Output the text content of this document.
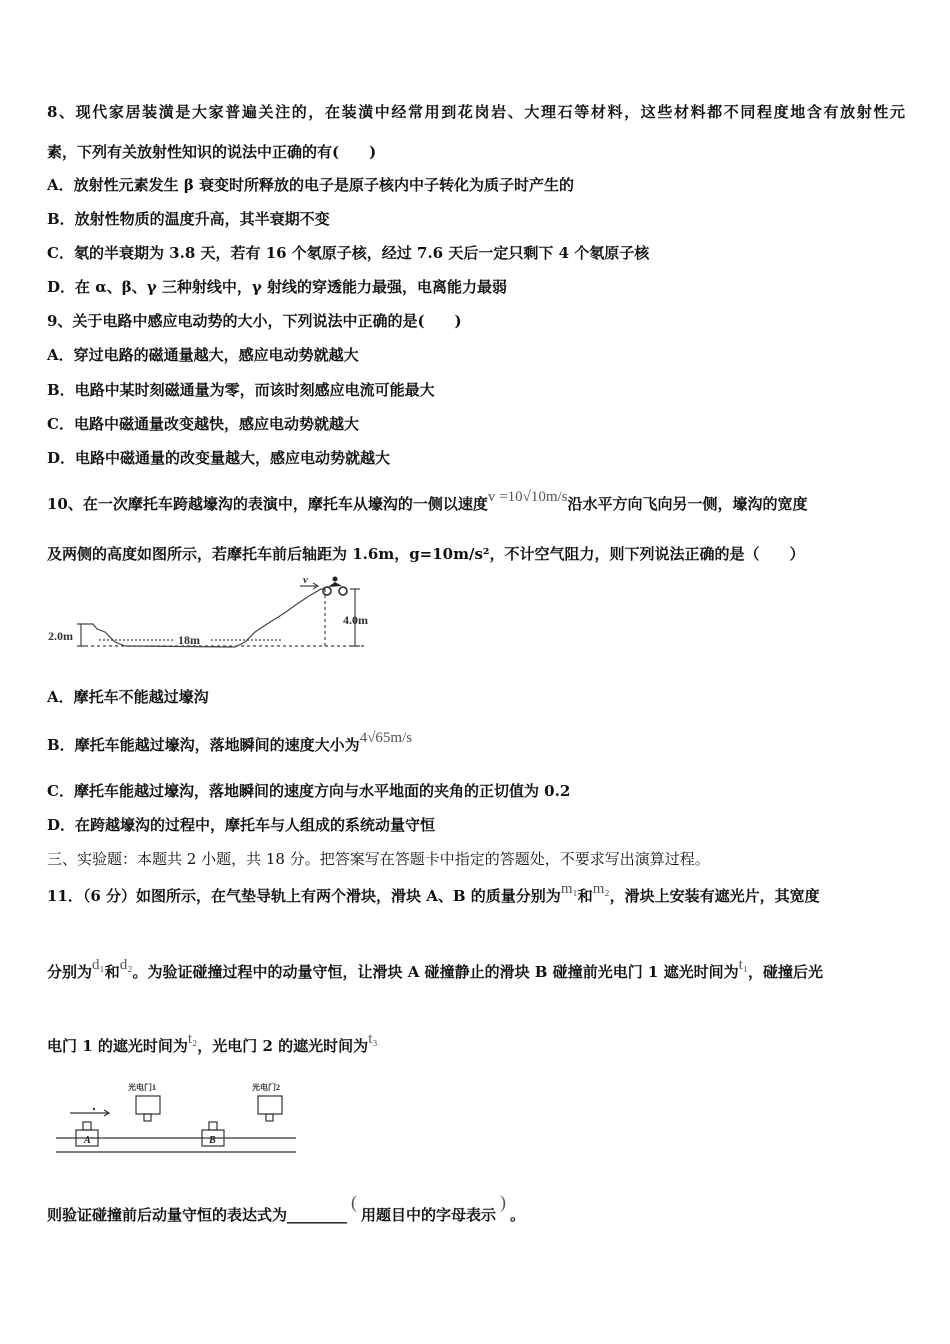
8、现代家居装潢是大家普遍关注的，在装潢中经常用到花岗岩、大理石等材料，这些材料都不同程度地含有放射性元
素，下列有关放射性知识的说法中正确的有(　　)
A．放射性元素发生 β 衰变时所释放的电子是原子核内中子转化为质子时产生的
B．放射性物质的温度升高，其半衰期不变
C．氡的半衰期为 3.8 天，若有 16 个氡原子核，经过 7.6 天后一定只剩下 4 个氡原子核
D．在 α、β、γ 三种射线中，γ 射线的穿透能力最强，电离能力最弱
9、关于电路中感应电动势的大小，下列说法中正确的是(　　)
A．穿过电路的磁通量越大，感应电动势就越大
B．电路中某时刻磁通量为零，而该时刻感应电流可能最大
C．电路中磁通量改变越快，感应电动势就越大
D．电路中磁通量的改变量越大，感应电动势就越大
10、在一次摩托车跨越壕沟的表演中，摩托车从壕沟的一侧以速度v =10√10m/s沿水平方向飞向另一侧，壕沟的宽度
及两侧的高度如图所示，若摩托车前后轴距为 1.6m，g=10m/s²，不计空气阻力，则下列说法正确的是（　　）
2.0m	18m
4.0m
v
A．摩托车不能越过壕沟
B．摩托车能越过壕沟，落地瞬间的速度大小为4√65m/s
C．摩托车能越过壕沟，落地瞬间的速度方向与水平地面的夹角的正切值为 0.2
D．在跨越壕沟的过程中，摩托车与人组成的系统动量守恒
三、实验题：本题共 2 小题，共 18 分。把答案写在答题卡中指定的答题处，不要求写出演算过程。
11．（6 分）如图所示，在气垫导轨上有两个滑块，滑块 A、B 的质量分别为m₁和m₂，滑块上安装有遮光片，其宽度
分别为d₁和d₂。为验证碰撞过程中的动量守恒，让滑块 A 碰撞静止的滑块 B 碰撞前光电门 1 遮光时间为t₁，碰撞后光
电门 1 的遮光时间为t₂，光电门 2 的遮光时间为t₃
光电门1	光电门2
A	B
则验证碰撞前后动量守恒的表达式为________(用题目中的字母表示)。
